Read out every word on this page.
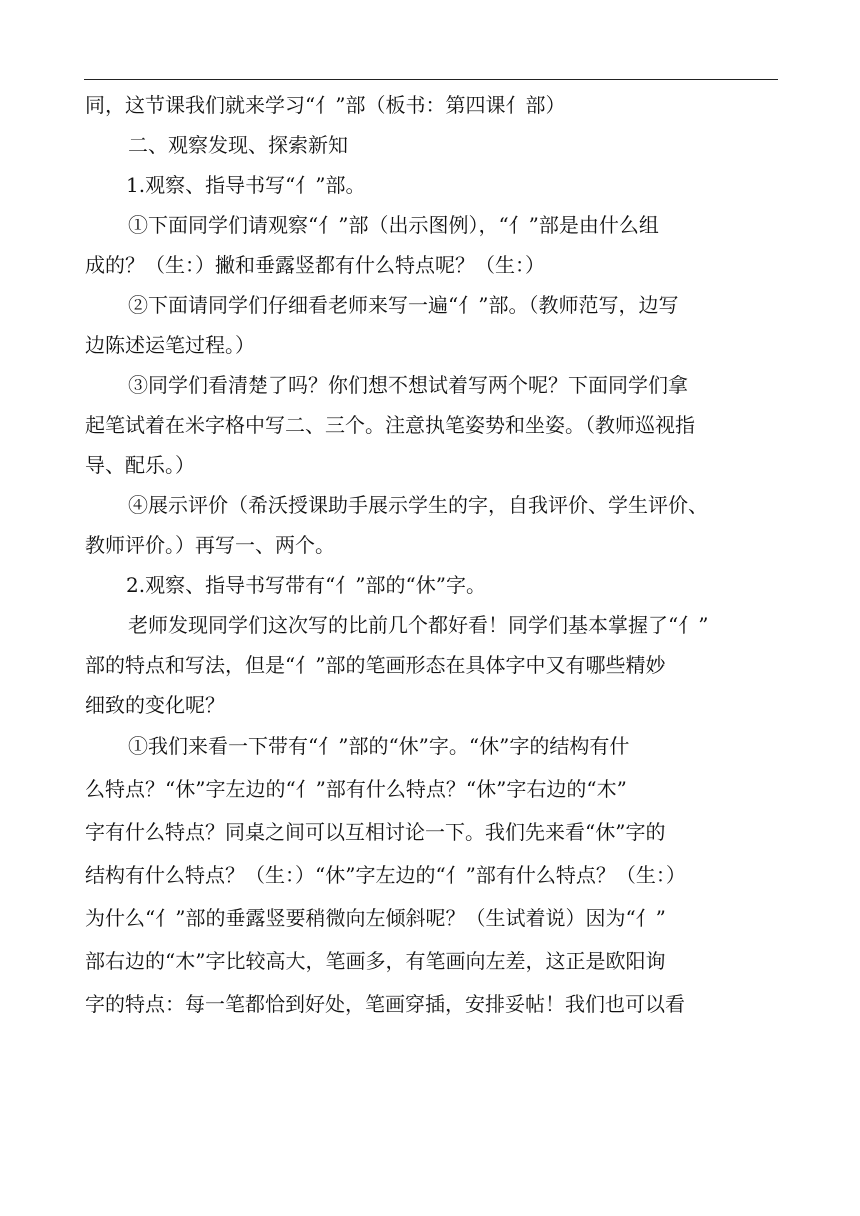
同，这节课我们就来学习“亻”部（板书：第四课亻部）
二、观察发现、探索新知
1.观察、指导书写“亻”部。
①下面同学们请观察“亻”部（出示图例），“亻”部是由什么组
成的？（生：）撇和垂露竖都有什么特点呢？（生：）
②下面请同学们仔细看老师来写一遍“亻”部。（教师范写，边写
边陈述运笔过程。）
③同学们看清楚了吗？你们想不想试着写两个呢？下面同学们拿
起笔试着在米字格中写二、三个。注意执笔姿势和坐姿。（教师巡视指
导、配乐。）
④展示评价（希沃授课助手展示学生的字，自我评价、学生评价、
教师评价。）再写一、两个。
2.观察、指导书写带有“亻”部的“休”字。
老师发现同学们这次写的比前几个都好看！同学们基本掌握了“亻”
部的特点和写法，但是“亻”部的笔画形态在具体字中又有哪些精妙
细致的变化呢？
①我们来看一下带有“亻”部的“休”字。“休”字的结构有什
么特点？“休”字左边的“亻”部有什么特点？“休”字右边的“木”
字有什么特点？同桌之间可以互相讨论一下。我们先来看“休”字的
结构有什么特点？（生：）“休”字左边的“亻”部有什么特点？（生：）
为什么“亻”部的垂露竖要稍微向左倾斜呢？（生试着说）因为“亻”
部右边的“木”字比较高大，笔画多，有笔画向左差，这正是欧阳询
字的特点：每一笔都恰到好处，笔画穿插，安排妥帖！我们也可以看
